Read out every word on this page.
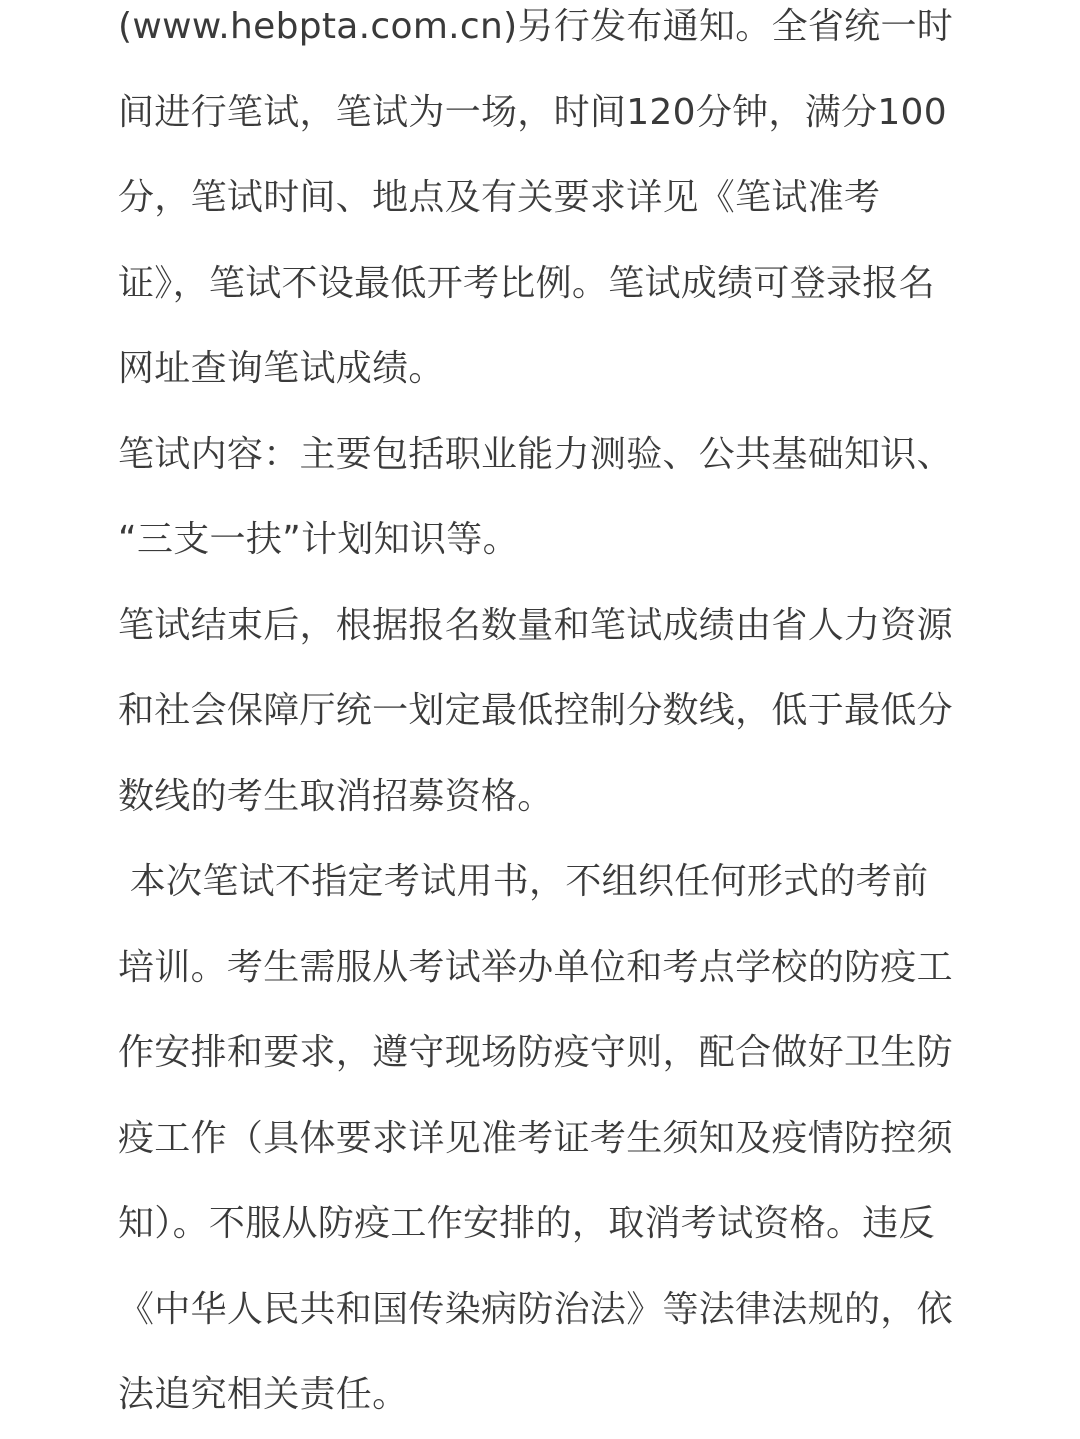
(www.hebpta.com.cn)另行发布通知。全省统一时
间进行笔试，笔试为一场，时间120分钟，满分100
分，笔试时间、地点及有关要求详见《笔试准考
证》，笔试不设最低开考比例。笔试成绩可登录报名
网址查询笔试成绩。
笔试内容：主要包括职业能力测验、公共基础知识、
“三支一扶”计划知识等。
笔试结束后，根据报名数量和笔试成绩由省人力资源
和社会保障厅统一划定最低控制分数线，低于最低分
数线的考生取消招募资格。
本次笔试不指定考试用书，不组织任何形式的考前
培训。考生需服从考试举办单位和考点学校的防疫工
作安排和要求，遵守现场防疫守则，配合做好卫生防
疫工作（具体要求详见准考证考生须知及疫情防控须
知）。不服从防疫工作安排的，取消考试资格。违反
《中华人民共和国传染病防治法》等法律法规的，依
法追究相关责任。
